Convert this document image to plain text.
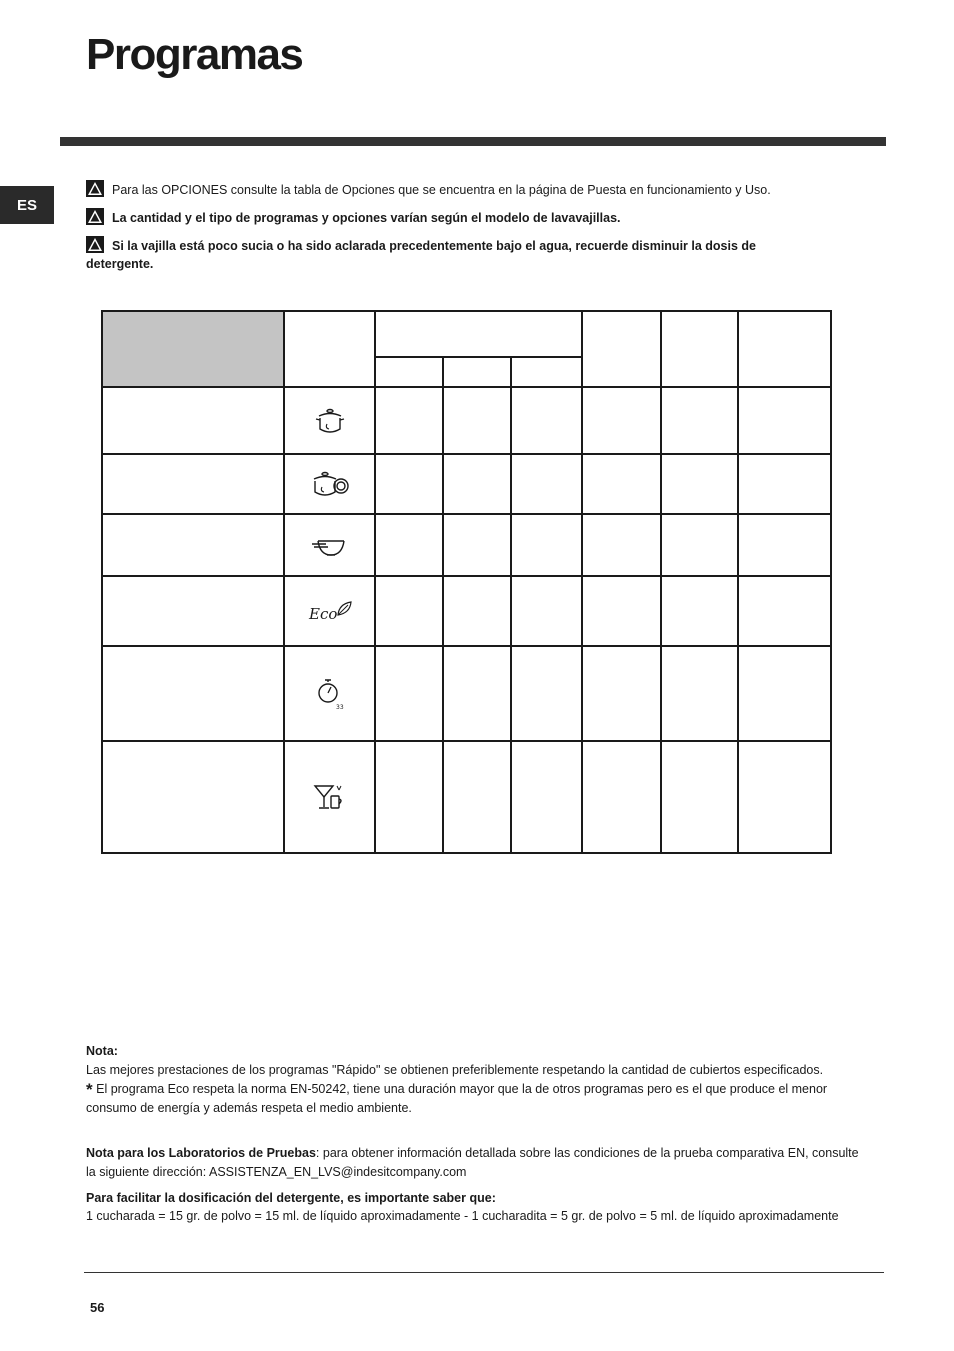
Programas
ES
Para las OPCIONES consulte la tabla de Opciones que se encuentra en la página de Puesta en funcionamiento y Uso.
La cantidad y el tipo de programas y opciones varían según el modelo de lavavajillas.
Si la vajilla está poco sucia o ha sido aclarada precedentemente bajo el agua, recuerde disminuir la dosis de detergente.
Eco
33
Nota:
Las mejores prestaciones de los programas "Rápido" se obtienen preferiblemente respetando la cantidad de cubiertos especificados.
* El programa Eco respeta la norma EN-50242, tiene una duración mayor que la de otros programas pero es el que produce el menor consumo de energía y además respeta el medio ambiente.
Nota para los Laboratorios de Pruebas: para obtener información detallada sobre las condiciones de la prueba comparativa EN, consulte la siguiente dirección: ASSISTENZA_EN_LVS@indesitcompany.com
Para facilitar la dosificación del detergente, es importante saber que:
1 cucharada = 15 gr. de polvo = 15 ml. de líquido aproximadamente - 1 cucharadita = 5 gr. de polvo = 5 ml. de líquido aproximadamente
56
